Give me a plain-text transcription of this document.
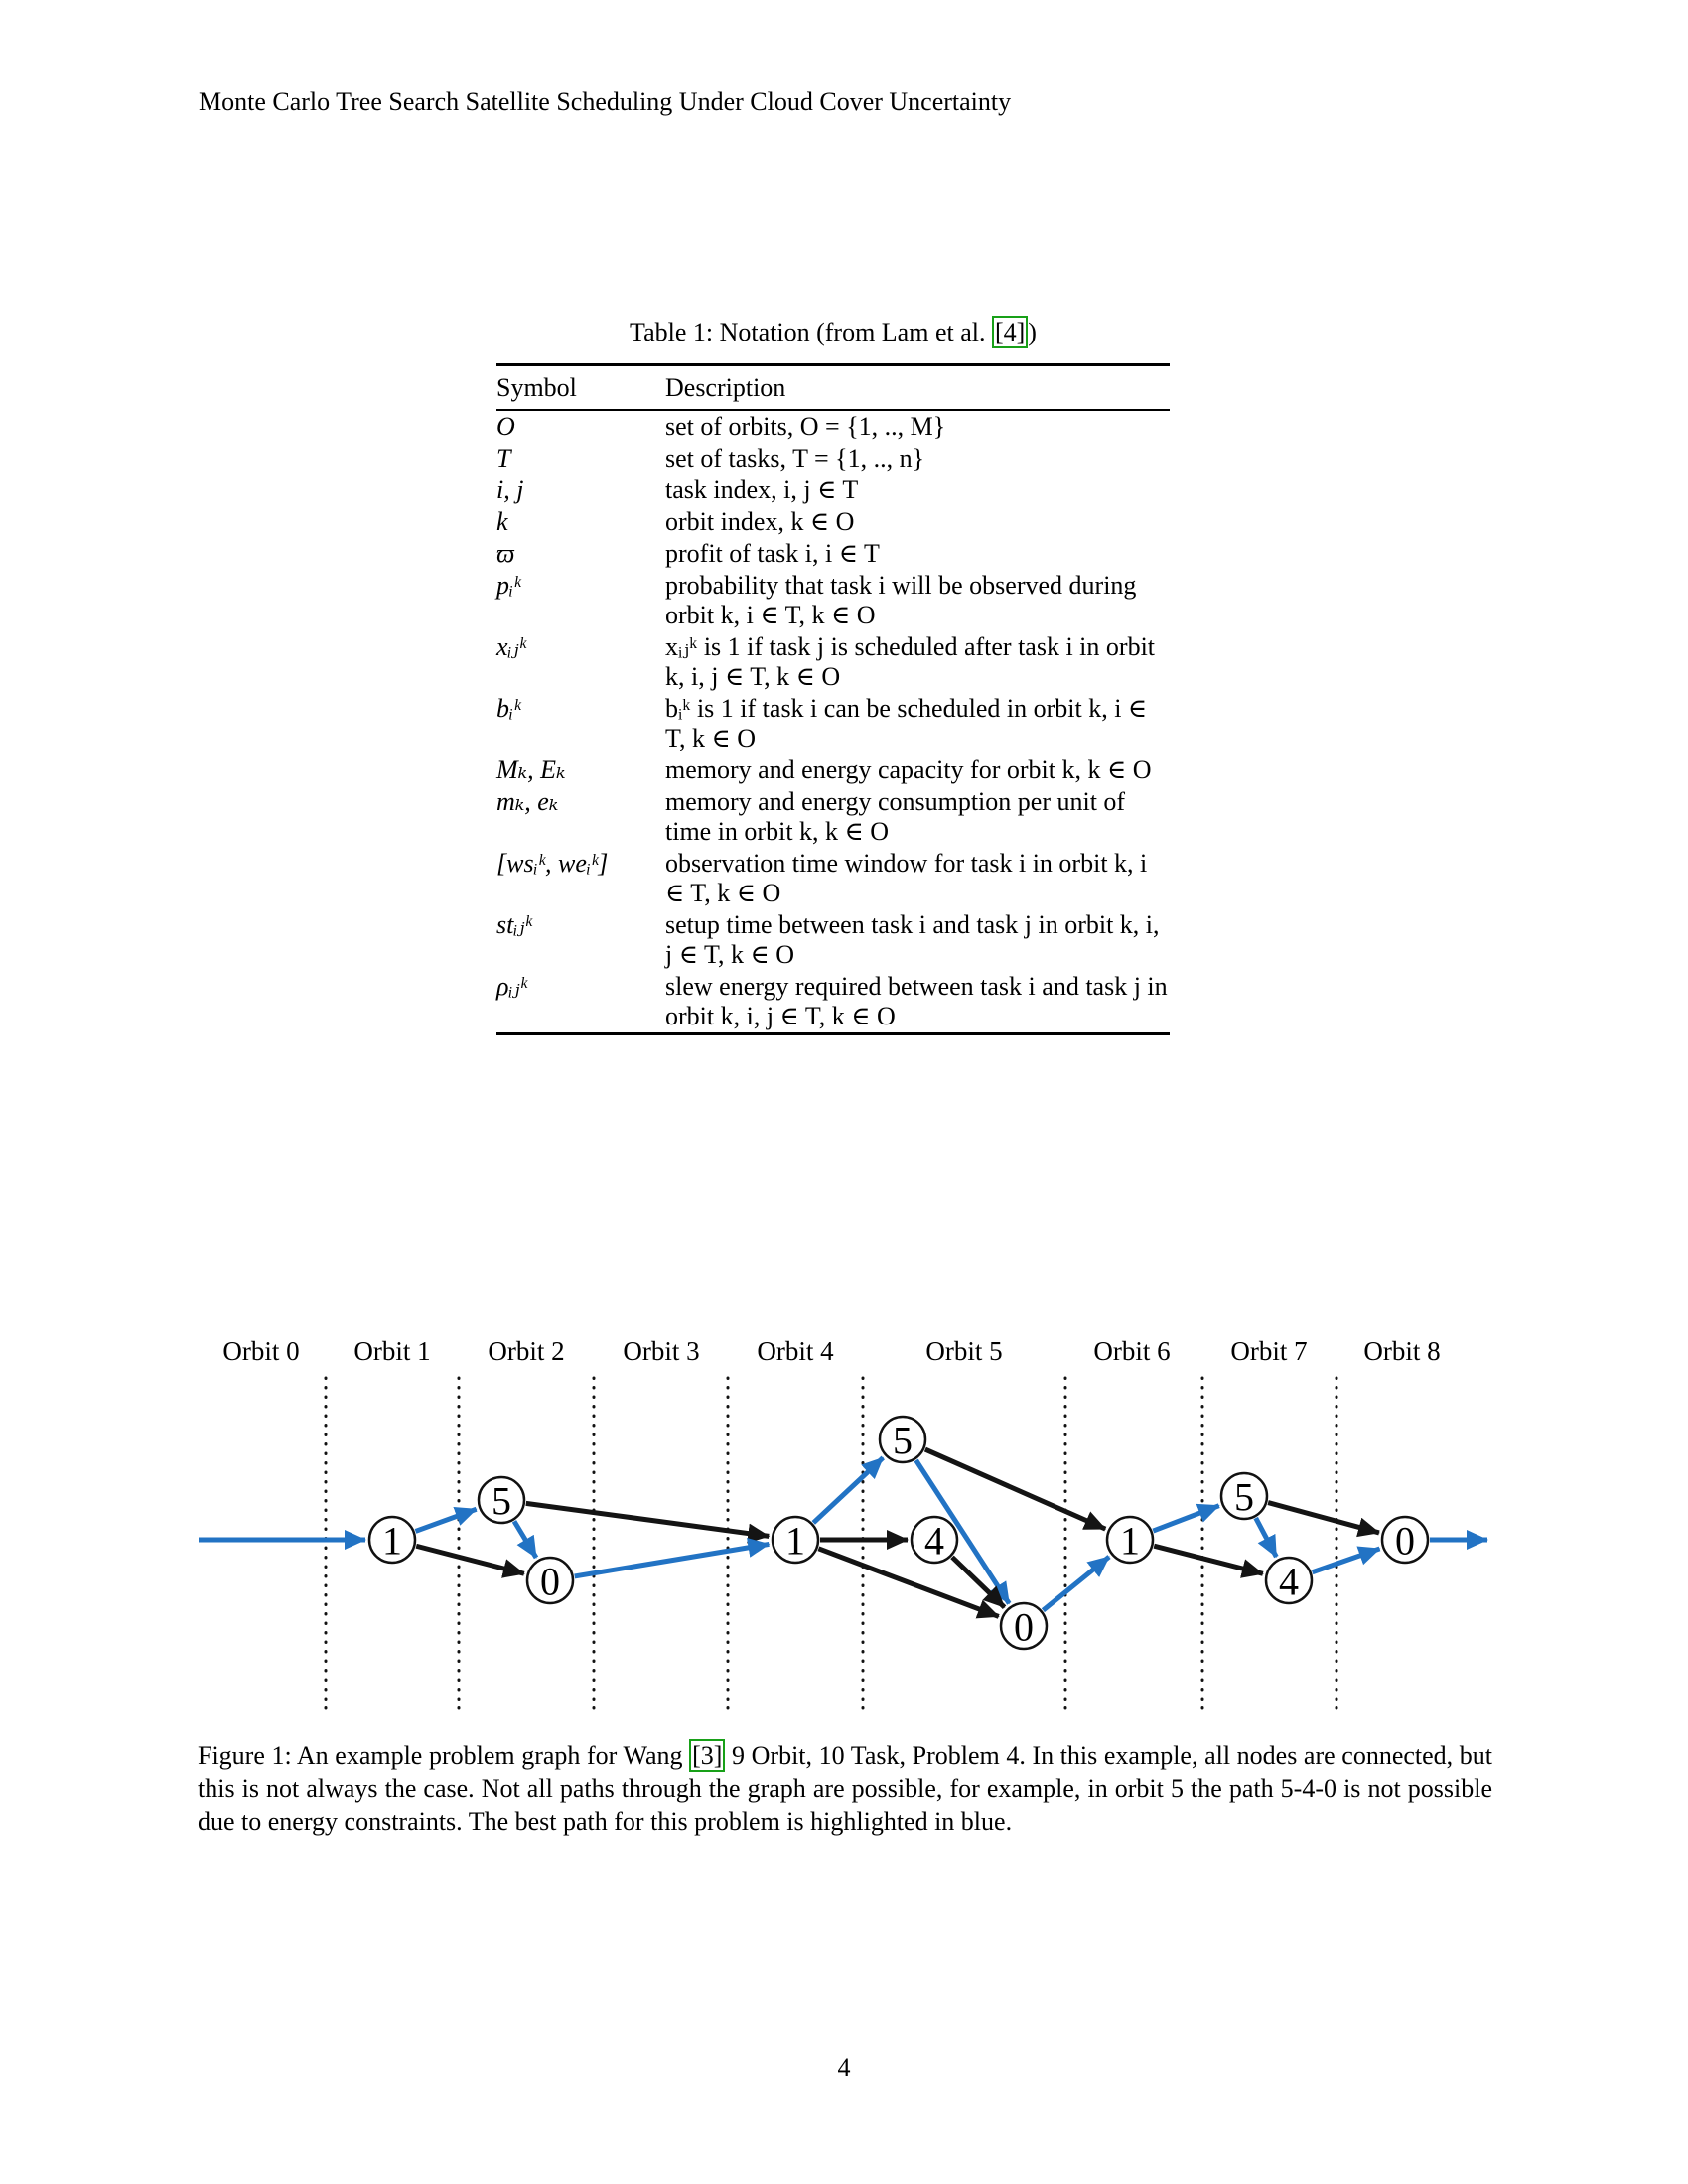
Monte Carlo Tree Search Satellite Scheduling Under Cloud Cover Uncertainty
Table 1: Notation (from Lam et al. [4] )
Symbol	Description
O	set of orbits, O = {1, .., M}
T	set of tasks, T = {1, .., n}
i, j	task index, i, j ∈ T
k	orbit index, k ∈ O
ϖ	profit of task i, i ∈ T
pᵢᵏ	probability that task i will be observed during orbit k, i ∈ T, k ∈ O
xᵢⱼᵏ	xᵢⱼᵏ is 1 if task j is scheduled after task i in orbit k, i, j ∈ T, k ∈ O
bᵢᵏ	bᵢᵏ is 1 if task i can be scheduled in orbit k, i ∈ T, k ∈ O
Mₖ, Eₖ	memory and energy capacity for orbit k, k ∈ O
mₖ, eₖ	memory and energy consumption per unit of time in orbit k, k ∈ O
[wsᵢᵏ, weᵢᵏ]	observation time window for task i in orbit k, i ∈ T, k ∈ O
stᵢⱼᵏ	setup time between task i and task j in orbit k, i, j ∈ T, k ∈ O
ρᵢⱼᵏ	slew energy required between task i and task j in orbit k, i, j ∈ T, k ∈ O
Orbit 0 Orbit 1 Orbit 2 Orbit 3 Orbit 4	Orbit 5	Orbit 6 Orbit 7 Orbit 8
1
5
0
1
5
4
0
1
5
4
0
Figure 1: An example problem graph for Wang [3] 9 Orbit, 10 Task, Problem 4. In this example, all nodes are connected, but this is not always the case. Not all paths through the graph are possible, for example, in orbit 5 the path 5-4-0 is not possible due to energy constraints. The best path for this problem is highlighted in blue.
4
